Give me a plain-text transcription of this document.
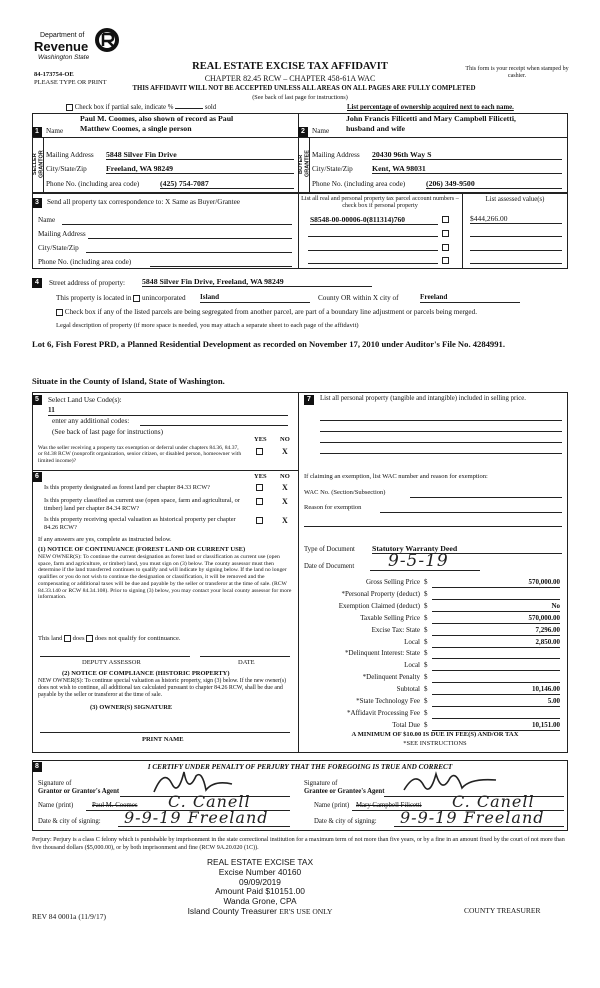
Department of
Revenue
Washington State
84-173754-OE
PLEASE TYPE OR PRINT
REAL ESTATE EXCISE TAX AFFIDAVIT
CHAPTER 82.45 RCW – CHAPTER 458-61A WAC
THIS AFFIDAVIT WILL NOT BE ACCEPTED UNLESS ALL AREAS ON ALL PAGES ARE FULLY COMPLETED
This form is your receipt when stamped by cashier.
(See back of last page for instructions)
Check box if partial sale, indicate %	sold	List percentage of ownership acquired next to each name.
1 Name
Paul M. Coomes, also shown of record as Paul
Matthew Coomes, a single person
SELLER GRANTOR Mailing Address 5848 Silver Fin Drive
City/State/Zip Freeland, WA 98249
Phone No. (including area code)	(425) 754-7087
2 Name
John Francis Filicetti and Mary Campbell Filicetti,
husband and wife
BUYER GRANTEE Mailing Address 20430 96th Way S
City/State/Zip Kent, WA 98031
Phone No. (including area code)	(206) 349-9500
3	Send all property tax correspondence to: X Same as Buyer/Grantee
Name
Mailing Address
City/State/Zip
Phone No. (including area code)
List all real and personal property tax parcel account numbers – check box if personal property
List assessed value(s)
S8548-00-00006-0(811314)760	$444,266.00
4	Street address of property: 5848 Silver Fin Drive, Freeland, WA 98249
This property is located in unincorporated Island	County OR within X city of	Freeland
Check box if any of the listed parcels are being segregated from another parcel, are part of a boundary line adjustment or parcels being merged.
Legal description of property (if more space is needed, you may attach a separate sheet to each page of the affidavit)
Lot 6, Fish Forest PRD, a Planned Residential Development as recorded on November 17, 2010 under Auditor's File No. 4284991.
Situate in the County of Island, State of Washington.
5	Select Land Use Code(s):
11
enter any additional codes:
(See back of last page for instructions)
YES NO
Was the seller receiving a property tax exemption or deferral under chapters 84.36, 84.37, or 84.38 RCW (nonprofit organization, senior citizen, or disabled person, homeowner with limited income)?
X
6	YES NO
Is this property designated as forest land per chapter 84.33 RCW?	X
Is this property classified as current use (open space, farm and agricultural, or timber) land per chapter 84.34 RCW?
X
Is this property receiving special valuation as historical property per chapter 84.26 RCW?
X
If any answers are yes, complete as instructed below.
(1) NOTICE OF CONTINUANCE (FOREST LAND OR CURRENT USE)
NEW OWNER(S): To continue the current designation as forest land or classification as current use (open space, farm and agriculture, or timber) land, you must sign on (3) below. The county assessor must then determine if the land transferred continues to qualify and will indicate by signing below. If the land no longer qualifies or you do not wish to continue the designation or classification, it will be removed and the compensating or additional taxes will be due and payable by the seller or transferor at the time of sale. (RCW 84.33.140 or RCW 84.34.108). Prior to signing (3) below, you may contact your local county assessor for more information.
This land does does not qualify for continuance.
DEPUTY ASSESSOR	DATE
(2) NOTICE OF COMPLIANCE (HISTORIC PROPERTY)
NEW OWNER(S): To continue special valuation as historic property, sign (3) below. If the new owner(s) does not wish to continue, all additional tax calculated pursuant to chapter 84.26 RCW, shall be due and payable by the seller or transferor at the time of sale.
(3) OWNER(S) SIGNATURE
PRINT NAME
7	List all personal property (tangible and intangible) included in selling price.
If claiming an exemption, list WAC number and reason for exemption:
WAC No. (Section/Subsection)
Reason for exemption
Type of Document Statutory Warranty Deed
Date of Document 9-5-19
Gross Selling Price $	570,000.00
*Personal Property (deduct) $
Exemption Claimed (deduct) $	No
Taxable Selling Price $	570,000.00
Excise Tax: State $	7,296.00
Local $	2,850.00
*Delinquent Interest: State $
Local $
*Delinquent Penalty $
Subtotal $	10,146.00
*State Technology Fee $	5.00
*Affidavit Processing Fee $
Total Due $	10,151.00
A MINIMUM OF $10.00 IS DUE IN FEE(S) AND/OR TAX
*SEE INSTRUCTIONS
8	I CERTIFY UNDER PENALTY OF PERJURY THAT THE FOREGOING IS TRUE AND CORRECT
Signature of
Grantor or Grantor's Agent
Signature of
Grantee or Grantee's Agent
Name (print)	Paul M. Coomes C. Canell	Name (print) Mary Campbell Filicetti C. Canell
Date & city of signing: 9-9-19 Freeland	Date & city of signing: 9-9-19 Freeland
Perjury: Perjury is a class C felony which is punishable by imprisonment in the state correctional institution for a maximum term of not more than five years, or by a fine in an amount fixed by the court of not more than five thousand dollars ($5,000.00), or by both imprisonment and fine (RCW 9A.20.020 (1C)).
REAL ESTATE EXCISE TAX
Excise Number 40160
09/09/2019
Amount Paid $10151.00
Wanda Grone, CPA
Island County Treasurer ER'S USE ONLY
REV 84 0001a (11/9/17)
COUNTY TREASURER
